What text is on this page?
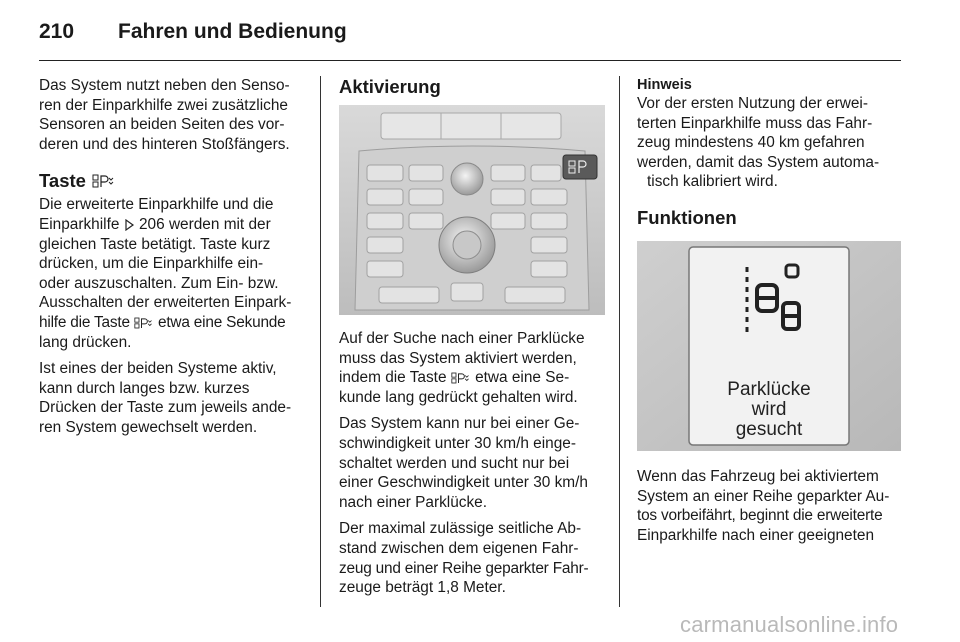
210 Fahren und Bedienung

Das System nutzt neben den Senso-
ren der Einparkhilfe zwei zusätzliche
Sensoren an beiden Seiten des vor-
deren und des hinteren Stoßfängers.

Taste

Die erweiterte Einparkhilfe und die
Einparkhilfe 206 werden mit der
gleichen Taste betätigt. Taste kurz
drücken, um die Einparkhilfe ein-
oder auszuschalten. Zum Ein- bzw.
Ausschalten der erweiterten Einpark-
hilfe die Taste etwa eine Sekunde
lang drücken.

Ist eines der beiden Systeme aktiv,
kann durch langes bzw. kurzes
Drücken der Taste zum jeweils ande-
ren System gewechselt werden.

Aktivierung

Auf der Suche nach einer Parklücke
muss das System aktiviert werden,
indem die Taste etwa eine Se-
kunde lang gedrückt gehalten wird.

Das System kann nur bei einer Ge-
schwindigkeit unter 30 km/h einge-
schaltet werden und sucht nur bei
einer Geschwindigkeit unter 30 km/h
nach einer Parklücke.

Der maximal zulässige seitliche Ab-
stand zwischen dem eigenen Fahr-
zeug und einer Reihe geparkter Fahr-
zeuge beträgt 1,8 Meter.

Hinweis

Vor der ersten Nutzung der erwei-
terten Einparkhilfe muss das Fahr-
zeug mindestens 40 km gefahren
werden, damit das System automa-
tisch kalibriert wird.

Funktionen
Parklücke
wird
gesucht

Wenn das Fahrzeug bei aktiviertem
System an einer Reihe geparkter Au-
tos vorbeifährt, beginnt die erweiterte
Einparkhilfe nach einer geeigneten

carmanualsonline.info
